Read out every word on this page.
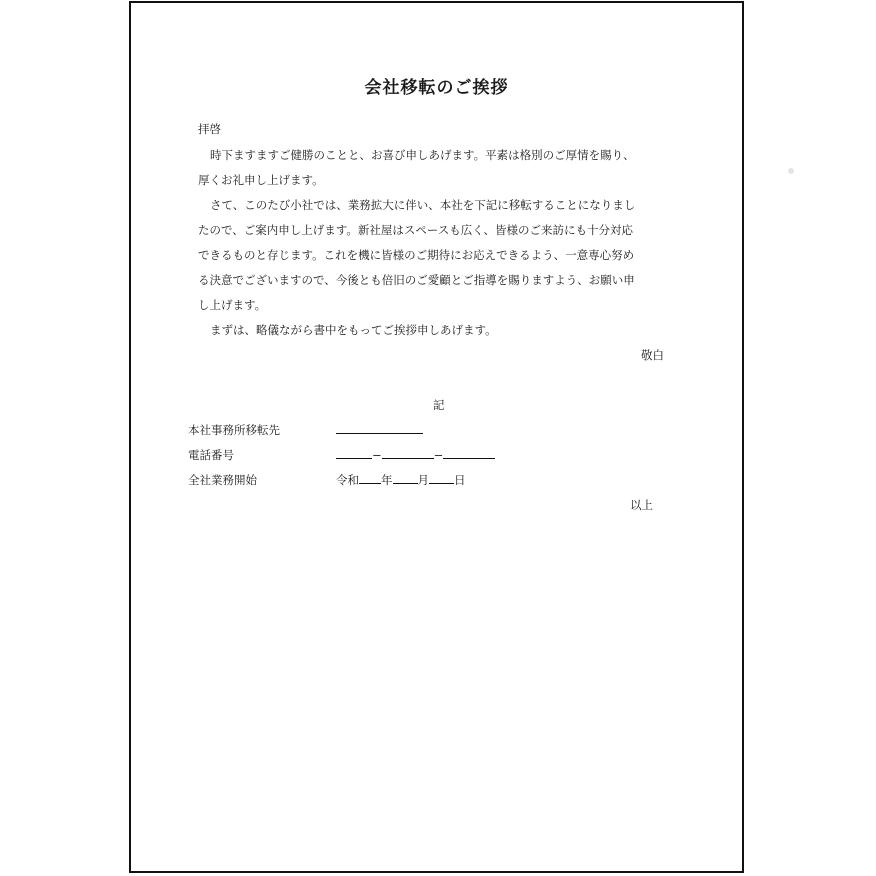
会社移転のご挨拶
拝啓
時下ますますご健勝のことと、お喜び申しあげます。平素は格別のご厚情を賜り、
厚くお礼申し上げます。
さて、このたび小社では、業務拡大に伴い、本社を下記に移転することになりまし
たので、ご案内申し上げます。新社屋はスペースも広く、皆様のご来訪にも十分対応
できるものと存じます。これを機に皆様のご期待にお応えできるよう、一意専心努め
る決意でございますので、今後とも倍旧のご愛顧とご指導を賜りますよう、お願い申
し上げます。
まずは、略儀ながら書中をもってご挨拶申しあげます。
敬白
記
本社事務所移転先
電話番号	−	−
全社業務開始	令和 年 月 日
以上
